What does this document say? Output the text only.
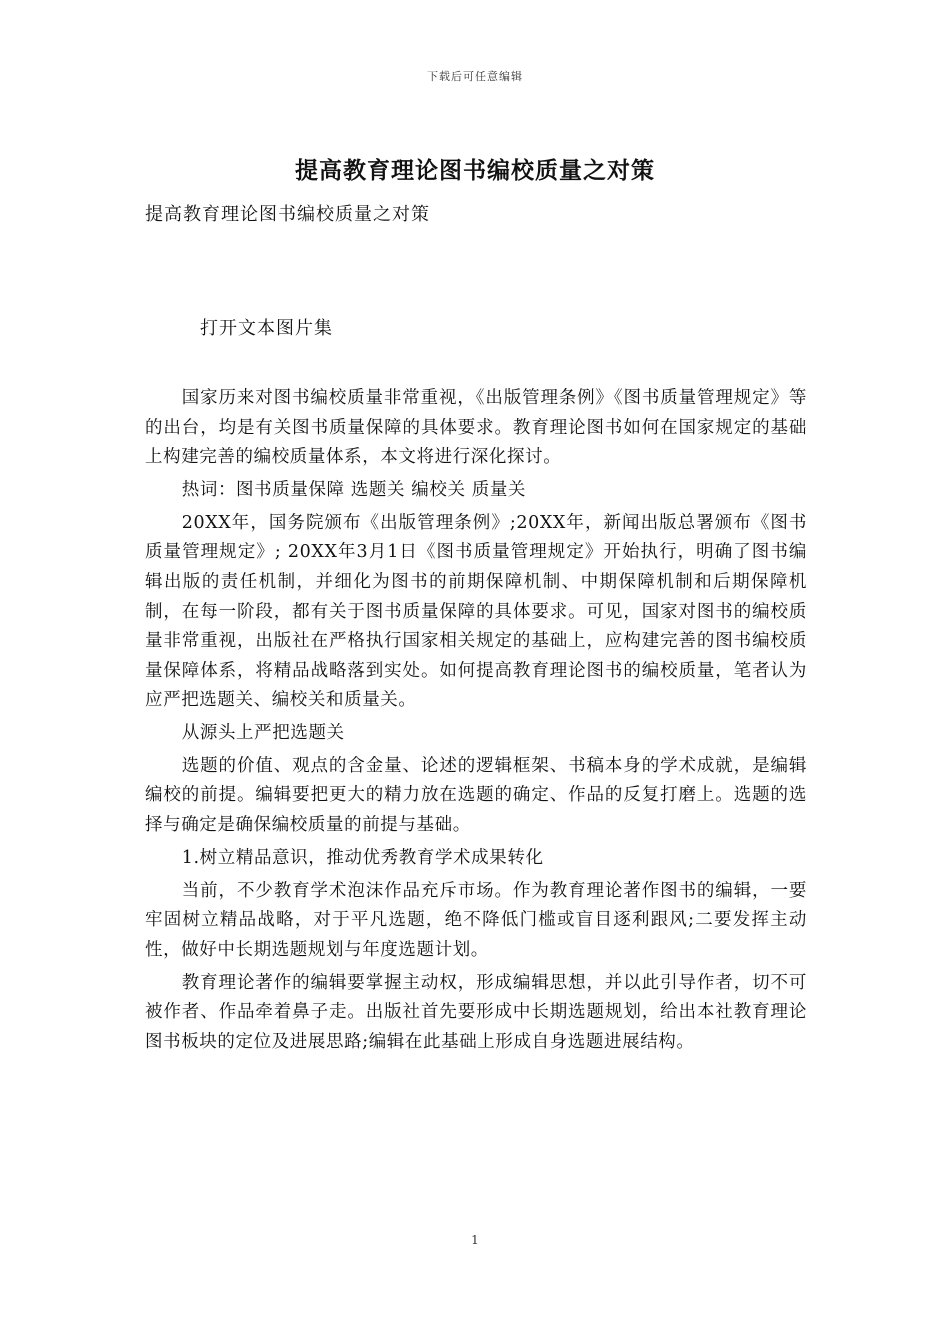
下载后可任意编辑
提高教育理论图书编校质量之对策
提高教育理论图书编校质量之对策
打开文本图片集

国家历来对图书编校质量非常重视，《出版管理条例》《图书质量管理规定》等的出台，均是有关图书质量保障的具体要求。教育理论图书如何在国家规定的基础上构建完善的编校质量体系，本文将进行深化探讨。

热词：图书质量保障 选题关 编校关 质量关

20XX年，国务院颁布《出版管理条例》;20XX年，新闻出版总署颁布《图书质量管理规定》; 20XX年3月1日《图书质量管理规定》开始执行，明确了图书编辑出版的责任机制，并细化为图书的前期保障机制、中期保障机制和后期保障机制，在每一阶段，都有关于图书质量保障的具体要求。可见，国家对图书的编校质量非常重视，出版社在严格执行国家相关规定的基础上，应构建完善的图书编校质量保障体系，将精品战略落到实处。如何提高教育理论图书的编校质量，笔者认为应严把选题关、编校关和质量关。

从源头上严把选题关

选题的价值、观点的含金量、论述的逻辑框架、书稿本身的学术成就，是编辑编校的前提。编辑要把更大的精力放在选题的确定、作品的反复打磨上。选题的选择与确定是确保编校质量的前提与基础。

1.树立精品意识，推动优秀教育学术成果转化

当前，不少教育学术泡沫作品充斥市场。作为教育理论著作图书的编辑，一要牢固树立精品战略，对于平凡选题，绝不降低门槛或盲目逐利跟风;二要发挥主动性，做好中长期选题规划与年度选题计划。

教育理论著作的编辑要掌握主动权，形成编辑思想，并以此引导作者，切不可被作者、作品牵着鼻子走。出版社首先要形成中长期选题规划，给出本社教育理论图书板块的定位及进展思路;编辑在此基础上形成自身选题进展结构。

1
